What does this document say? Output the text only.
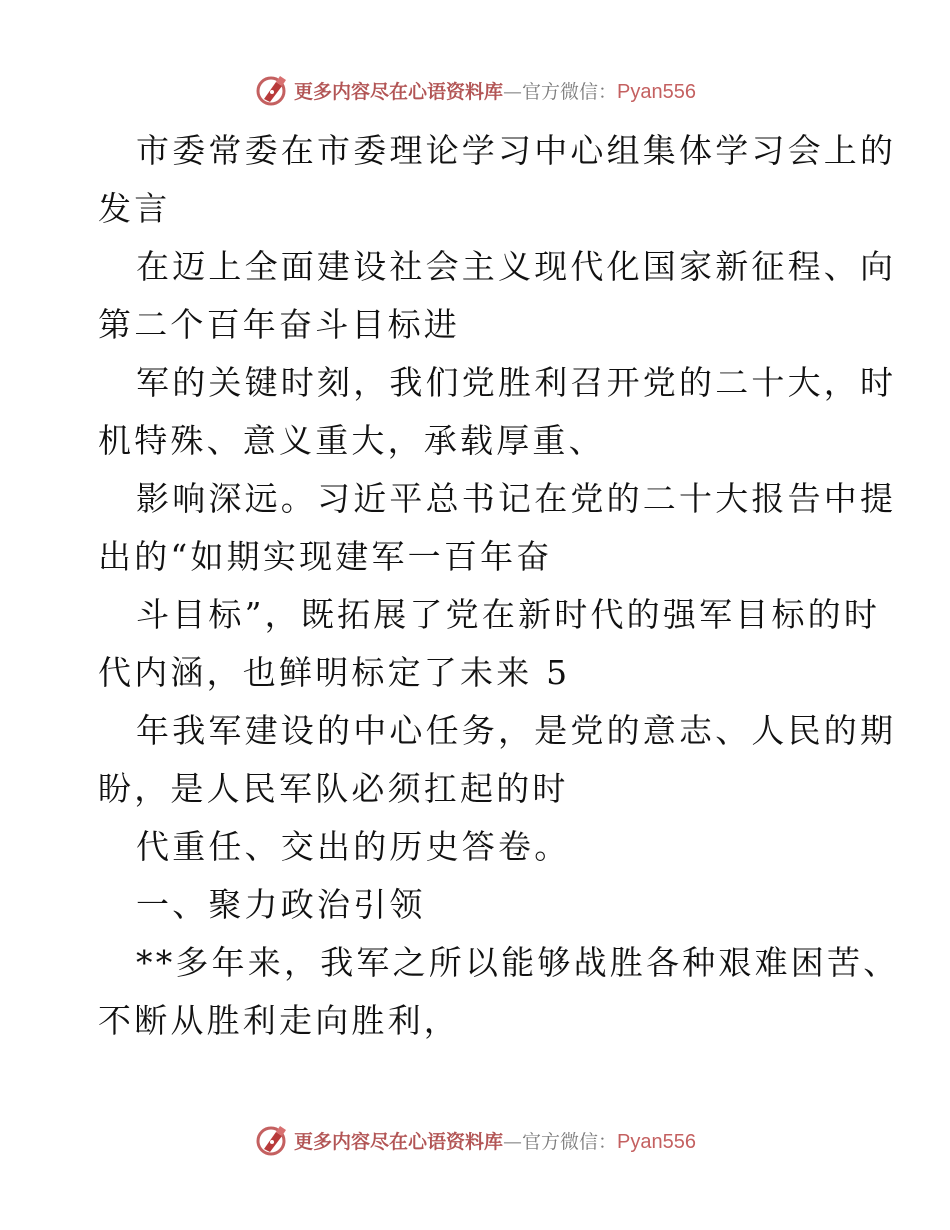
更多内容尽在心语资料库 — 官方微信： Pyan556
市委常委在市委理论学习中心组集体学习会上的
发言
在迈上全面建设社会主义现代化国家新征程、向
第二个百年奋斗目标进
军的关键时刻，我们党胜利召开党的二十大，时
机特殊、意义重大，承载厚重、
影响深远。习近平总书记在党的二十大报告中提
出的“如期实现建军一百年奋
斗目标”，既拓展了党在新时代的强军目标的时
代内涵，也鲜明标定了未来 5
年我军建设的中心任务，是党的意志、人民的期
盼，是人民军队必须扛起的时
代重任、交出的历史答卷。
一、聚力政治引领
**多年来，我军之所以能够战胜各种艰难困苦、
不断从胜利走向胜利，
更多内容尽在心语资料库 — 官方微信： Pyan556
